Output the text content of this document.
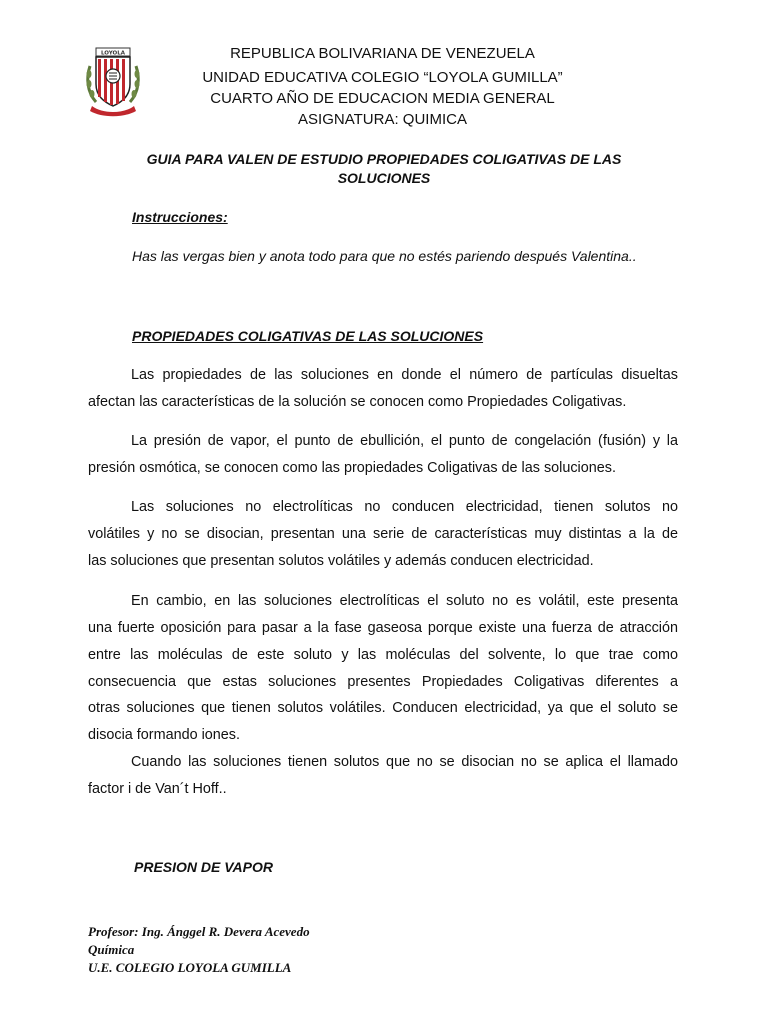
LOYOLA	REPUBLICA BOLIVARIANA DE VENEZUELA
UNIDAD EDUCATIVA COLEGIO “LOYOLA GUMILLA”
CUARTO AÑO DE EDUCACION MEDIA GENERAL
ASIGNATURA: QUIMICA
GUIA PARA VALEN DE ESTUDIO PROPIEDADES COLIGATIVAS DE LAS
SOLUCIONES
Instrucciones:
Has las vergas bien y anota todo para que no estés pariendo después Valentina..
PROPIEDADES COLIGATIVAS DE LAS SOLUCIONES
Las propiedades de las soluciones en donde el número de partículas disueltas
afectan las características de la solución se conocen como Propiedades Coligativas.
La presión de vapor, el punto de ebullición, el punto de congelación (fusión) y la
presión osmótica, se conocen como las propiedades Coligativas de las soluciones.
Las soluciones no electrolíticas no conducen electricidad, tienen solutos no
volátiles y no se disocian, presentan una serie de características muy distintas a la de
las soluciones que presentan solutos volátiles y además conducen electricidad.
En cambio, en las soluciones electrolíticas el soluto no es volátil, este presenta
una fuerte oposición para pasar a la fase gaseosa porque existe una fuerza de atracción
entre las moléculas de este soluto y las moléculas del solvente, lo que trae como
consecuencia que estas soluciones presentes Propiedades Coligativas diferentes a
otras soluciones que tienen solutos volátiles. Conducen electricidad, ya que el soluto se
disocia formando iones.
Cuando las soluciones tienen solutos que no se disocian no se aplica el llamado
factor i de Van´t Hoff..
PRESION DE VAPOR
Profesor: Ing. Ánggel R. Devera Acevedo
Química
U.E. COLEGIO LOYOLA GUMILLA
